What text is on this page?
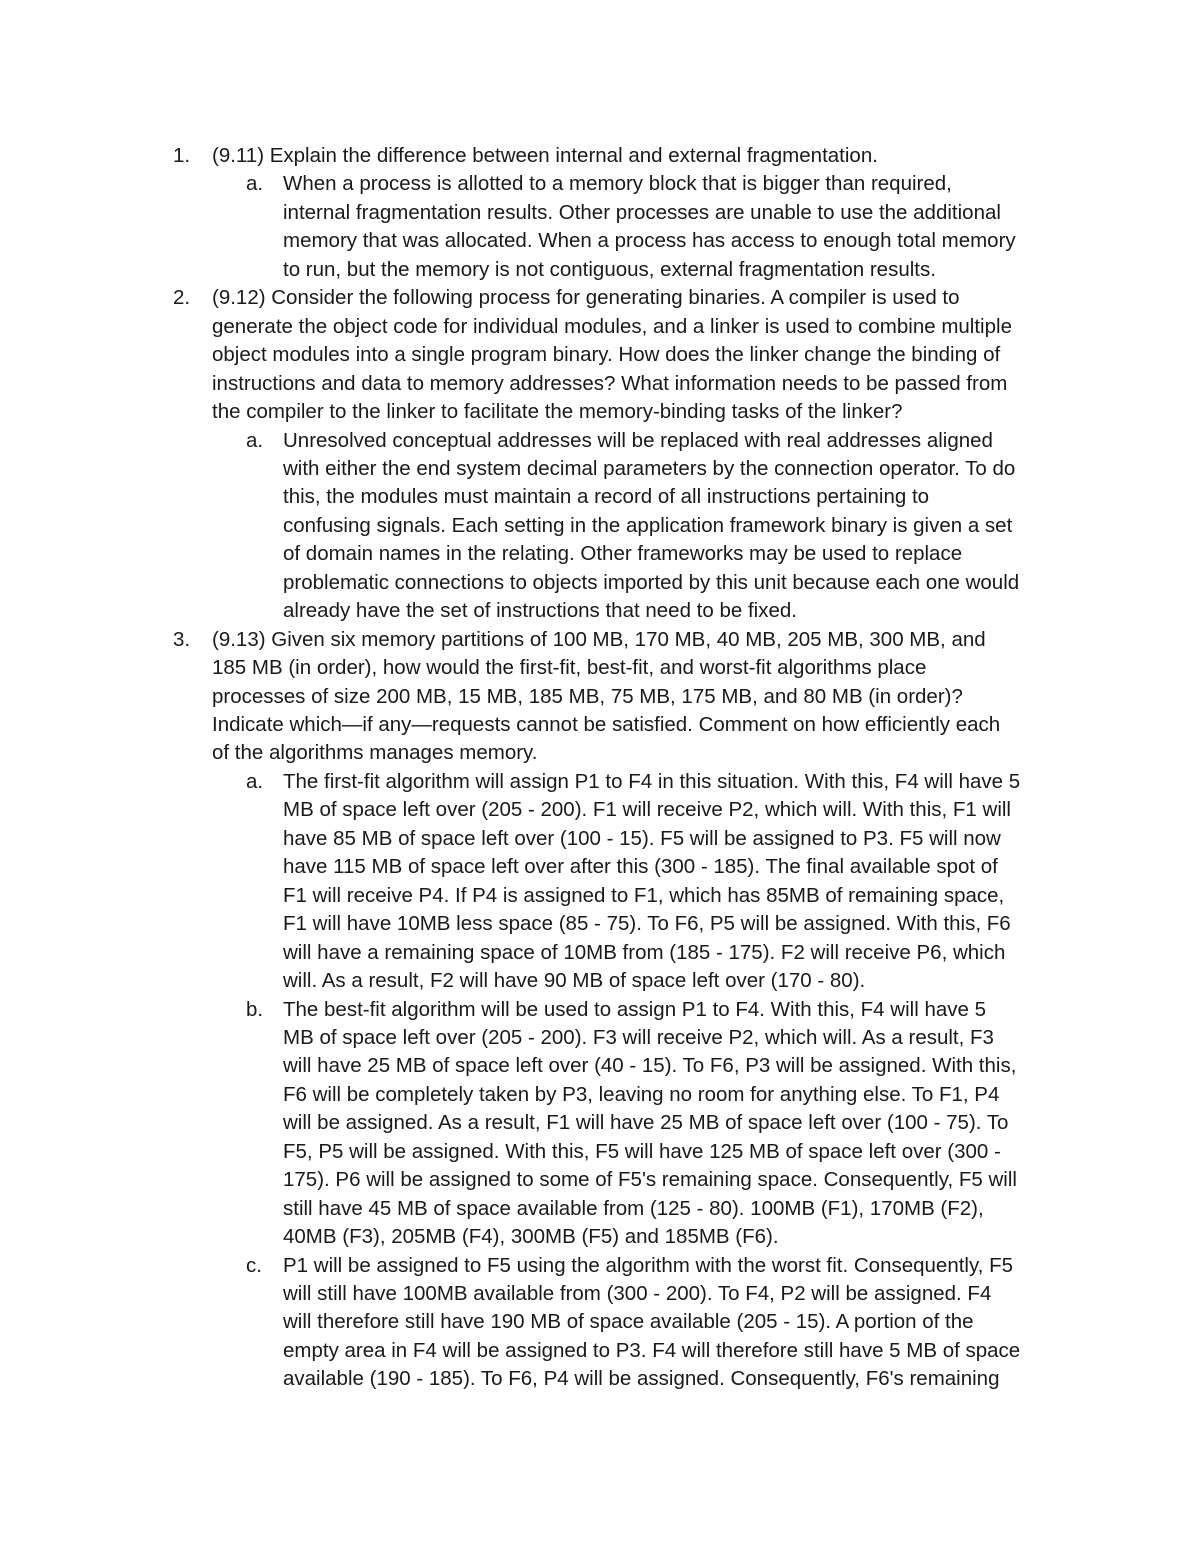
1.	(9.11) Explain the difference between internal and external fragmentation.
a. When a process is allotted to a memory block that is bigger than required,
internal fragmentation results. Other processes are unable to use the additional
memory that was allocated. When a process has access to enough total memory
to run, but the memory is not contiguous, external fragmentation results.
2.	(9.12) Consider the following process for generating binaries. A compiler is used to
generate the object code for individual modules, and a linker is used to combine multiple
object modules into a single program binary. How does the linker change the binding of
instructions and data to memory addresses? What information needs to be passed from
the compiler to the linker to facilitate the memory-binding tasks of the linker?
a. Unresolved conceptual addresses will be replaced with real addresses aligned
with either the end system decimal parameters by the connection operator. To do
this, the modules must maintain a record of all instructions pertaining to
confusing signals. Each setting in the application framework binary is given a set
of domain names in the relating. Other frameworks may be used to replace
problematic connections to objects imported by this unit because each one would
already have the set of instructions that need to be fixed.
3.	(9.13) Given six memory partitions of 100 MB, 170 MB, 40 MB, 205 MB, 300 MB, and
185 MB (in order), how would the first-fit, best-fit, and worst-fit algorithms place
processes of size 200 MB, 15 MB, 185 MB, 75 MB, 175 MB, and 80 MB (in order)?
Indicate which—if any—requests cannot be satisfied. Comment on how efficiently each
of the algorithms manages memory.
a. The first-fit algorithm will assign P1 to F4 in this situation. With this, F4 will have 5
MB of space left over (205 - 200). F1 will receive P2, which will. With this, F1 will
have 85 MB of space left over (100 - 15). F5 will be assigned to P3. F5 will now
have 115 MB of space left over after this (300 - 185). The final available spot of
F1 will receive P4. If P4 is assigned to F1, which has 85MB of remaining space,
F1 will have 10MB less space (85 - 75). To F6, P5 will be assigned. With this, F6
will have a remaining space of 10MB from (185 - 175). F2 will receive P6, which
will. As a result, F2 will have 90 MB of space left over (170 - 80).
b. The best-fit algorithm will be used to assign P1 to F4. With this, F4 will have 5
MB of space left over (205 - 200). F3 will receive P2, which will. As a result, F3
will have 25 MB of space left over (40 - 15). To F6, P3 will be assigned. With this,
F6 will be completely taken by P3, leaving no room for anything else. To F1, P4
will be assigned. As a result, F1 will have 25 MB of space left over (100 - 75). To
F5, P5 will be assigned. With this, F5 will have 125 MB of space left over (300 -
175). P6 will be assigned to some of F5's remaining space. Consequently, F5 will
still have 45 MB of space available from (125 - 80). 100MB (F1), 170MB (F2),
40MB (F3), 205MB (F4), 300MB (F5) and 185MB (F6).
c.	P1 will be assigned to F5 using the algorithm with the worst fit. Consequently, F5
will still have 100MB available from (300 - 200). To F4, P2 will be assigned. F4
will therefore still have 190 MB of space available (205 - 15). A portion of the
empty area in F4 will be assigned to P3. F4 will therefore still have 5 MB of space
available (190 - 185). To F6, P4 will be assigned. Consequently, F6's remaining
